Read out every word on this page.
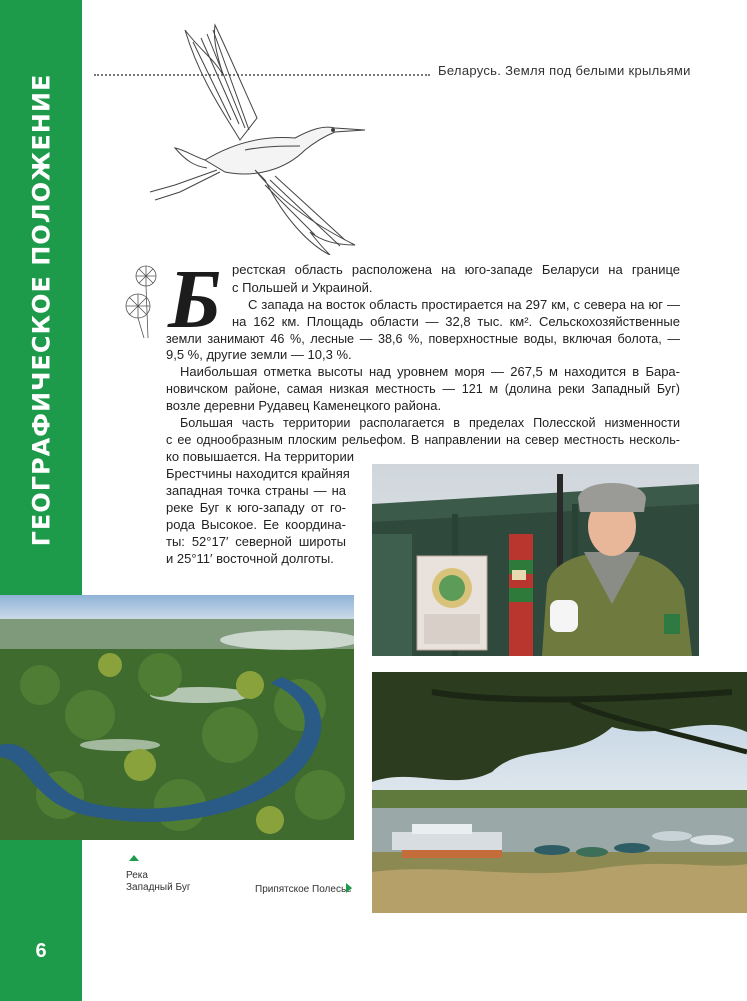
ГЕОГРАФИЧЕСКОЕ ПОЛОЖЕНИЕ
6
Беларусь. Земля под белыми крыльями
Б рестская область расположена на юго-западе Беларуси на границе
с Польшей и Украиной.
С запада на восток область простирается на 297 км, с севера на юг —
на 162 км. Площадь области — 32,8 тыс. км². Сельскохозяйственные
земли занимают 46 %, лесные — 38,6 %, поверхностные воды, включая болота, —
9,5 %, другие земли — 10,3 %.
Наибольшая отметка высоты над уровнем моря — 267,5 м находится в Бара-
новичском районе, самая низкая местность — 121 м (долина реки Западный Буг)
возле деревни Рудавец Каменецкого района.
Большая часть территории располагается в пределах Полесской низменности
с ее однообразным плоским рельефом. В направлении на север местность несколь-
ко повышается. На территории
Брестчины находится крайняя
западная точка страны — на
реке Буг к юго-западу от го-
рода Высокое. Ее координа-
ты: 52°17′ северной широты
и 25°11′ восточной долготы.
Река
Западный Буг	Припятское Полесье
